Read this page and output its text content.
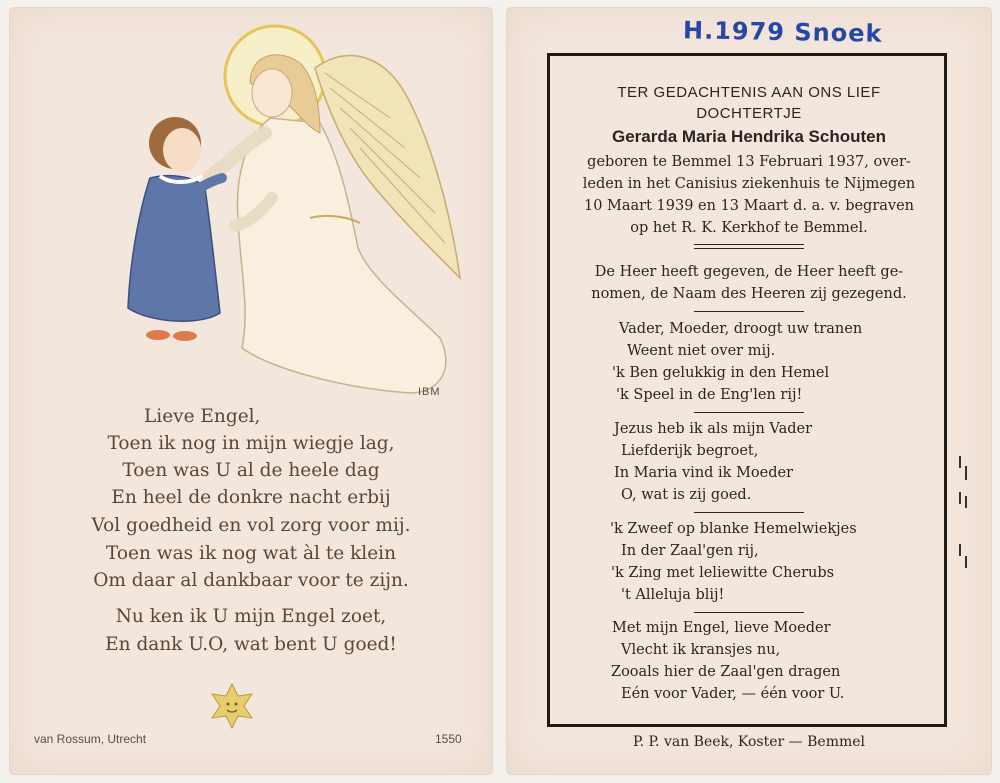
IBM
Lieve Engel,
Toen ik nog in mijn wiegje lag,
Toen was U al de heele dag
En heel de donkre nacht erbij
Vol goedheid en vol zorg voor mij.
Toen was ik nog wat àl te klein
Om daar al dankbaar voor te zijn.
Nu ken ik U mijn Engel zoet,
En dank U.O, wat bent U goed!
van Rossum, Utrecht	1550
H.1979 Snoek
TER GEDACHTENIS AAN ONS LIEF
DOCHTERTJE
Gerarda Maria Hendrika Schouten
geboren te Bemmel 13 Februari 1937, over-
leden in het Canisius ziekenhuis te Nijmegen
10 Maart 1939 en 13 Maart d. a. v. begraven
op het R. K. Kerkhof te Bemmel.
De Heer heeft gegeven, de Heer heeft ge-
nomen, de Naam des Heeren zij gezegend.
Vader, Moeder, droogt uw tranen
Weent niet over mij.
'k Ben gelukkig in den Hemel
'k Speel in de Eng'len rij!
Jezus heb ik als mijn Vader
Liefderijk begroet,
In Maria vind ik Moeder
O, wat is zij goed.
'k Zweef op blanke Hemelwiekjes
In der Zaal'gen rij,
'k Zing met leliewitte Cherubs
't Alleluja blij!
Met mijn Engel, lieve Moeder
Vlecht ik kransjes nu,
Zooals hier de Zaal'gen dragen
Eén voor Vader, — één voor U.
P. P. van Beek, Koster — Bemmel
